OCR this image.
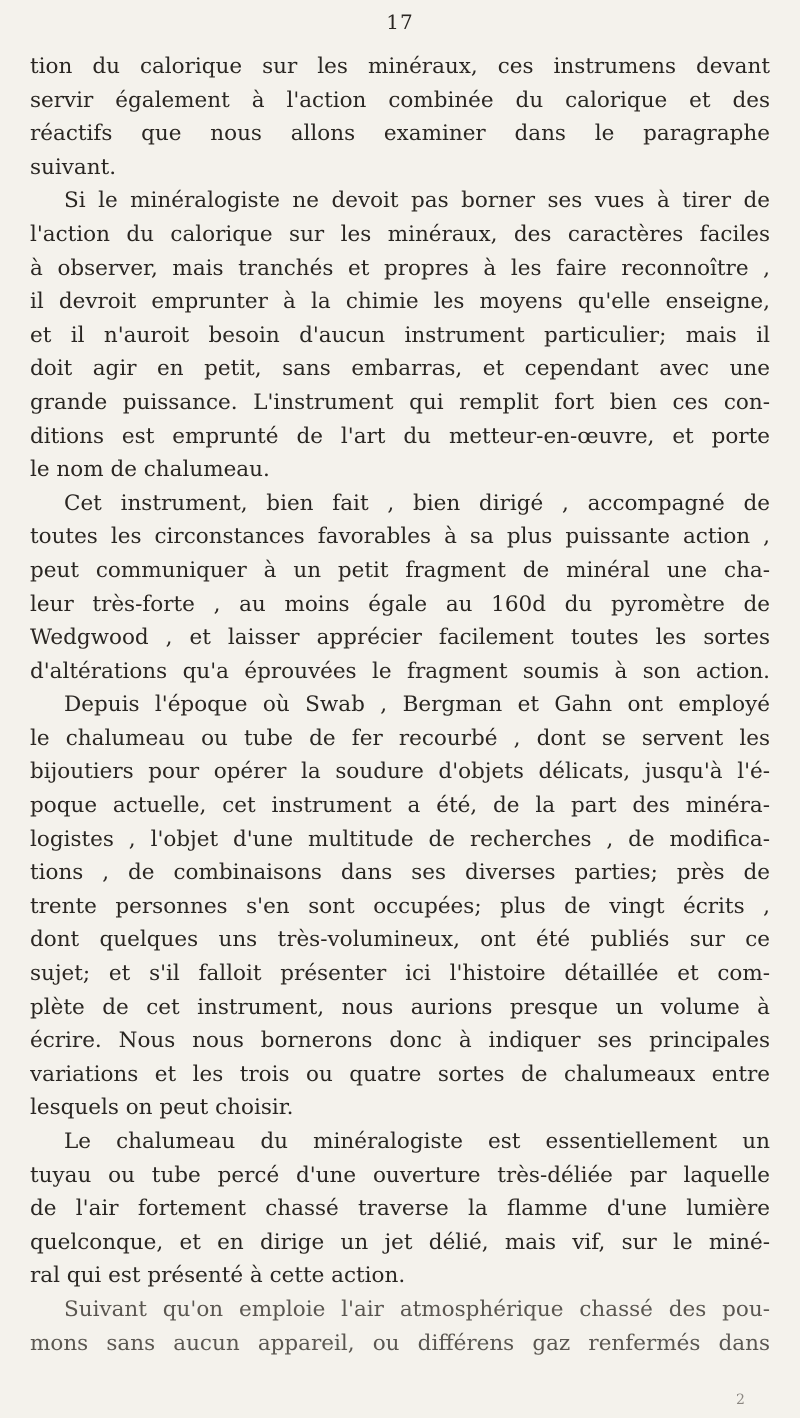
17
tion du calorique sur les minéraux, ces instrumens devant
servir également à l'action combinée du calorique et des
réactifs que nous allons examiner dans le paragraphe
suivant.
Si le minéralogiste ne devoit pas borner ses vues à tirer de
l'action du calorique sur les minéraux, des caractères faciles
à observer, mais tranchés et propres à les faire reconnoître ,
il devroit emprunter à la chimie les moyens qu'elle enseigne,
et il n'auroit besoin d'aucun instrument particulier; mais il
doit agir en petit, sans embarras, et cependant avec une
grande puissance. L'instrument qui remplit fort bien ces con-
ditions est emprunté de l'art du metteur-en-œuvre, et porte
le nom de chalumeau.
Cet instrument, bien fait , bien dirigé , accompagné de
toutes les circonstances favorables à sa plus puissante action ,
peut communiquer à un petit fragment de minéral une cha-
leur très-forte , au moins égale au 160d du pyromètre de
Wedgwood , et laisser apprécier facilement toutes les sortes
d'altérations qu'a éprouvées le fragment soumis à son action.
Depuis l'époque où Swab , Bergman et Gahn ont employé
le chalumeau ou tube de fer recourbé , dont se servent les
bijoutiers pour opérer la soudure d'objets délicats, jusqu'à l'é-
poque actuelle, cet instrument a été, de la part des minéra-
logistes , l'objet d'une multitude de recherches , de modifica-
tions , de combinaisons dans ses diverses parties; près de
trente personnes s'en sont occupées; plus de vingt écrits ,
dont quelques uns très-volumineux, ont été publiés sur ce
sujet; et s'il falloit présenter ici l'histoire détaillée et com-
plète de cet instrument, nous aurions presque un volume à
écrire. Nous nous bornerons donc à indiquer ses principales
variations et les trois ou quatre sortes de chalumeaux entre
lesquels on peut choisir.
Le chalumeau du minéralogiste est essentiellement un
tuyau ou tube percé d'une ouverture très-déliée par laquelle
de l'air fortement chassé traverse la flamme d'une lumière
quelconque, et en dirige un jet délié, mais vif, sur le miné-
ral qui est présenté à cette action.
Suivant qu'on emploie l'air atmosphérique chassé des pou-
mons sans aucun appareil, ou différens gaz renfermés dans
2
